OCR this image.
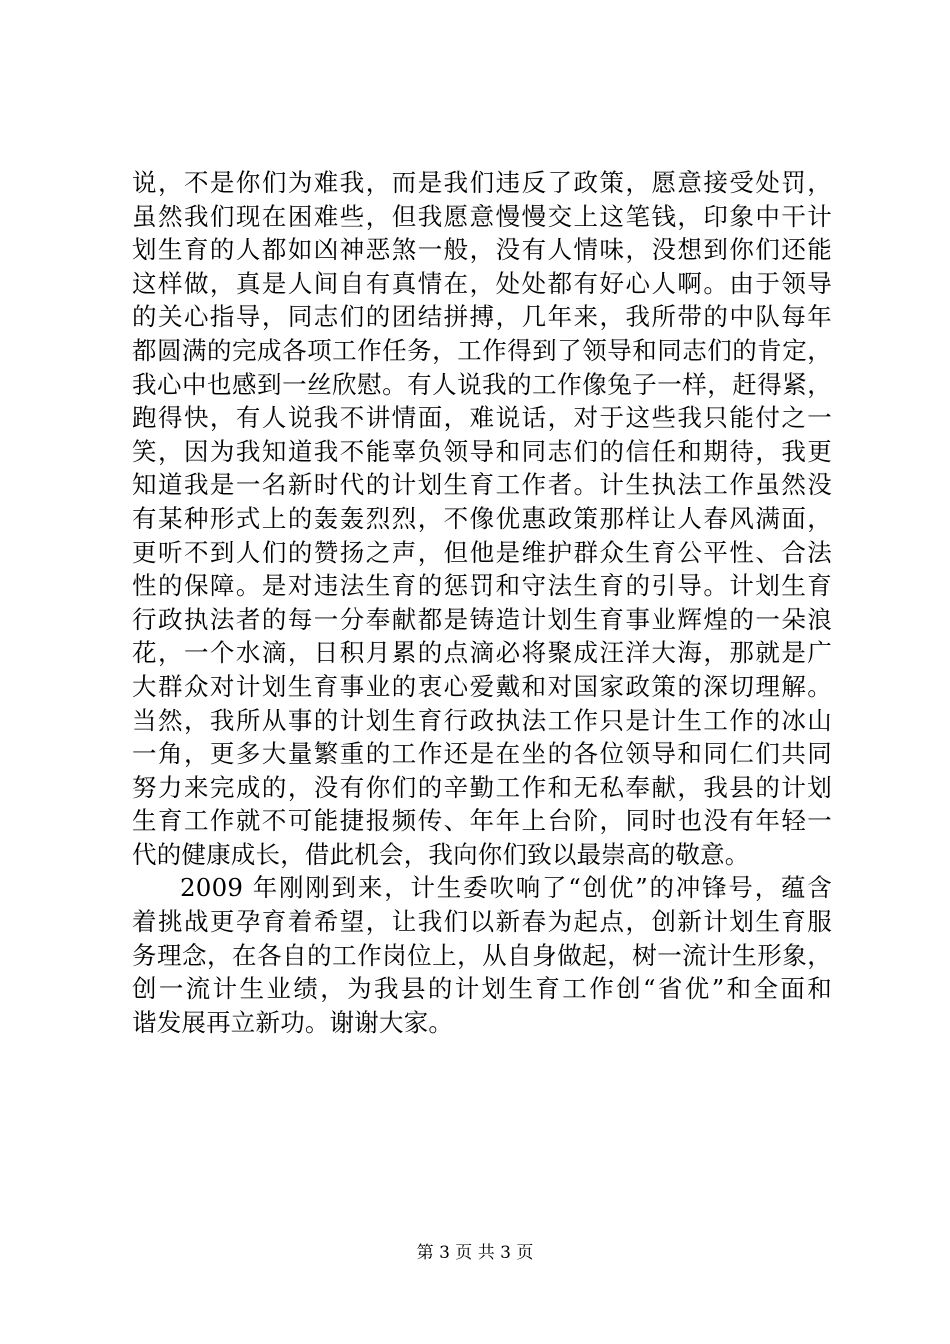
说，不是你们为难我，而是我们违反了政策，愿意接受处罚，
虽然我们现在困难些，但我愿意慢慢交上这笔钱，印象中干计
划生育的人都如凶神恶煞一般，没有人情味，没想到你们还能
这样做，真是人间自有真情在，处处都有好心人啊。由于领导
的关心指导，同志们的团结拼搏，几年来，我所带的中队每年
都圆满的完成各项工作任务，工作得到了领导和同志们的肯定，
我心中也感到一丝欣慰。有人说我的工作像兔子一样，赶得紧，
跑得快，有人说我不讲情面，难说话，对于这些我只能付之一
笑，因为我知道我不能辜负领导和同志们的信任和期待，我更
知道我是一名新时代的计划生育工作者。计生执法工作虽然没
有某种形式上的轰轰烈烈，不像优惠政策那样让人春风满面，
更听不到人们的赞扬之声，但他是维护群众生育公平性、合法
性的保障。是对违法生育的惩罚和守法生育的引导。计划生育
行政执法者的每一分奉献都是铸造计划生育事业辉煌的一朵浪
花，一个水滴，日积月累的点滴必将聚成汪洋大海，那就是广
大群众对计划生育事业的衷心爱戴和对国家政策的深切理解。
当然，我所从事的计划生育行政执法工作只是计生工作的冰山
一角，更多大量繁重的工作还是在坐的各位领导和同仁们共同
努力来完成的，没有你们的辛勤工作和无私奉献，我县的计划
生育工作就不可能捷报频传、年年上台阶，同时也没有年轻一
代的健康成长，借此机会，我向你们致以最崇高的敬意。
2009 年刚刚到来，计生委吹响了“创优”的冲锋号，蕴含
着挑战更孕育着希望，让我们以新春为起点，创新计划生育服
务理念，在各自的工作岗位上，从自身做起，树一流计生形象，
创一流计生业绩，为我县的计划生育工作创“省优”和全面和
谐发展再立新功。谢谢大家。
第 3 页 共 3 页
